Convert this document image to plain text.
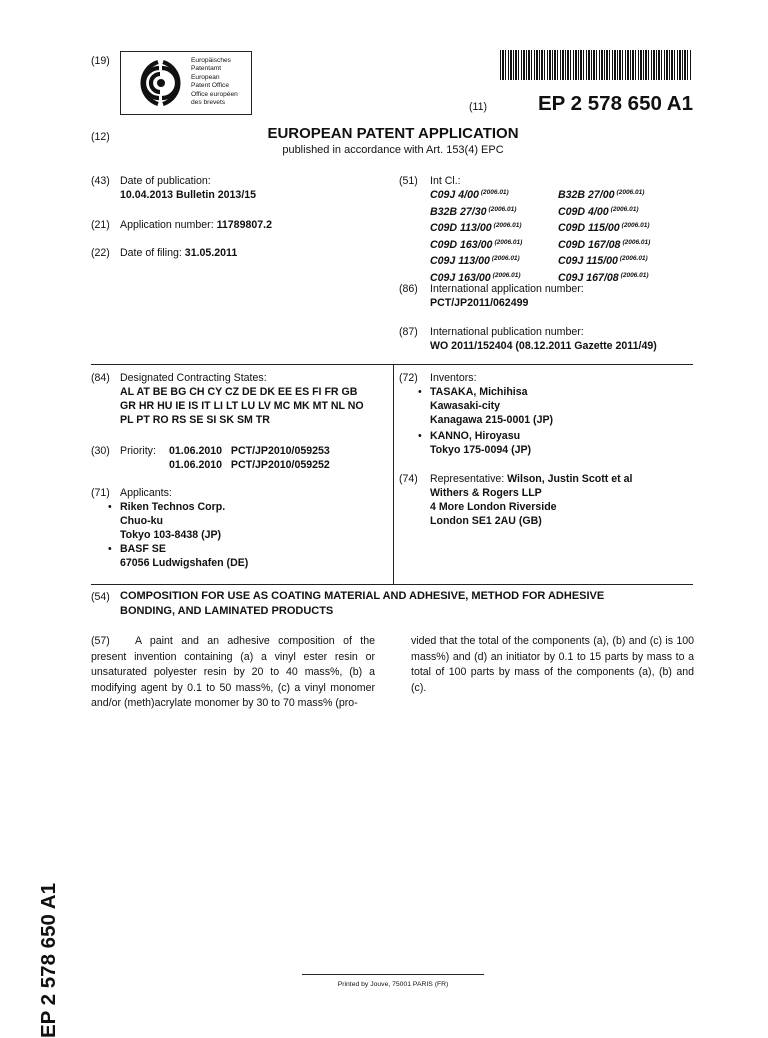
(19)	Europäisches
Patentamt
European
Patent Office
Office européen
des brevets	(11) EP 2 578 650 A1
(12)	EUROPEAN PATENT APPLICATION
published in accordance with Art. 153(4) EPC
(43) Date of publication:
10.04.2013 Bulletin 2013/15
(21) Application number: 11789807.2
(22) Date of filing: 31.05.2011
(51) Int Cl.:
C09J 4/00 $^{(2006.01)}$	B32B 27/00 $^{(2006.01)}$
B32B 27/30 $^{(2006.01)}$	C09D 4/00 $^{(2006.01)}$
C09D 113/00 $^{(2006.01)}$	C09D 115/00 $^{(2006.01)}$
C09D 163/00 $^{(2006.01)}$	C09D 167/08 $^{(2006.01)}$
C09J 113/00 $^{(2006.01)}$	C09J 115/00 $^{(2006.01)}$
C09J 163/00 $^{(2006.01)}$	C09J 167/08 $^{(2006.01)}$
(86) International application number:
PCT/JP2011/062499
(87) International publication number:
WO 2011/152404 (08.12.2011 Gazette 2011/49)
(84) Designated Contracting States:
AL AT BE BG CH CY CZ DE DK EE ES FI FR GB
GR HR HU IE IS IT LI LT LU LV MC MK MT NL NO
PL PT RO RS SE SI SK SM TR
(30) Priority: 01.06.2010 PCT/JP2010/059253
01.06.2010 PCT/JP2010/059252
(71) Applicants:
• Riken Technos Corp.
Chuo-ku
Tokyo 103-8438 (JP)
• BASF SE
67056 Ludwigshafen (DE)
(72) Inventors:
• TASAKA, Michihisa
Kawasaki-city
Kanagawa 215-0001 (JP)
• KANNO, Hiroyasu
Tokyo 175-0094 (JP)
(74) Representative: Wilson, Justin Scott et al
Withers & Rogers LLP
4 More London Riverside
London SE1 2AU (GB)
(54) COMPOSITION FOR USE AS COATING MATERIAL AND ADHESIVE, METHOD FOR ADHESIVE
BONDING, AND LAMINATED PRODUCTS
(57)	A paint and an adhesive composition of the present invention containing (a) a vinyl ester resin or unsaturated polyester resin by 20 to 40 mass%, (b) a modifying agent by 0.1 to 50 mass%, (c) a vinyl monomer and/or (meth)acrylate monomer by 30 to 70 mass% (pro-
vided that the total of the components (a), (b) and (c) is 100 mass%) and (d) an initiator by 0.1 to 15 parts by mass to a total of 100 parts by mass of the components (a), (b) and (c).
EP 2 578 650 A1	Printed by Jouve, 75001 PARIS (FR)
